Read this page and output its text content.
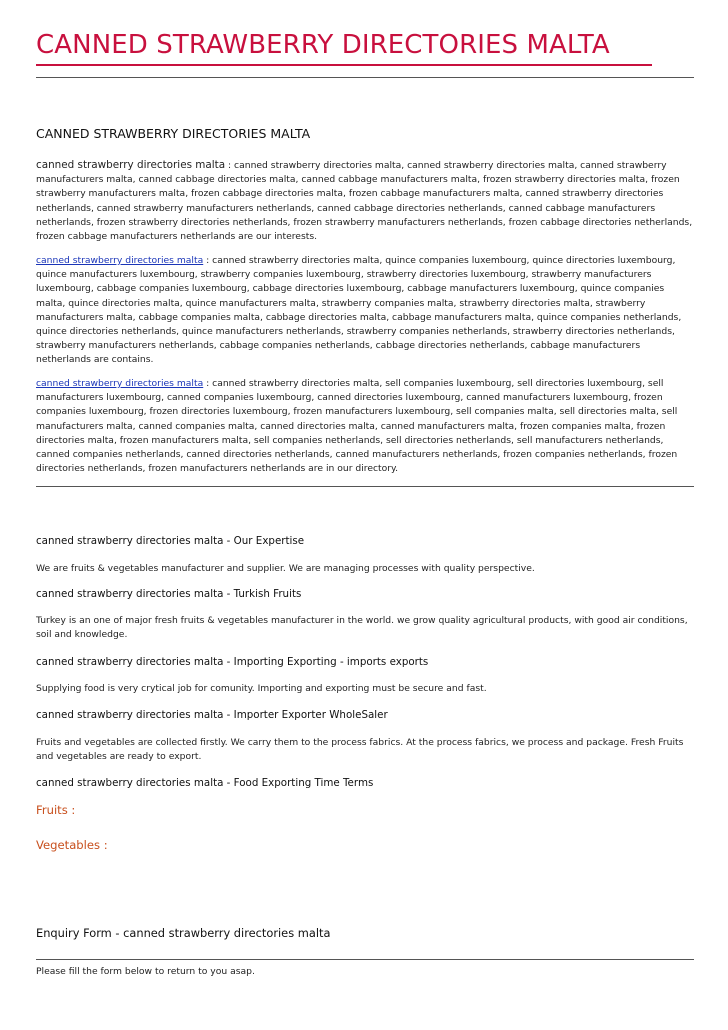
CANNED STRAWBERRY DIRECTORIES MALTA
CANNED STRAWBERRY DIRECTORIES MALTA

canned strawberry directories malta : canned strawberry directories malta, canned strawberry directories malta, canned strawberry manufacturers malta, canned cabbage directories malta, canned cabbage manufacturers malta, frozen strawberry directories malta, frozen strawberry manufacturers malta, frozen cabbage directories malta, frozen cabbage manufacturers malta, canned strawberry directories netherlands, canned strawberry manufacturers netherlands, canned cabbage directories netherlands, canned cabbage manufacturers netherlands, frozen strawberry directories netherlands, frozen strawberry manufacturers netherlands, frozen cabbage directories netherlands, frozen cabbage manufacturers netherlands are our interests.

canned strawberry directories malta : canned strawberry directories malta, quince companies luxembourg, quince directories luxembourg, quince manufacturers luxembourg, strawberry companies luxembourg, strawberry directories luxembourg, strawberry manufacturers luxembourg, cabbage companies luxembourg, cabbage directories luxembourg, cabbage manufacturers luxembourg, quince companies malta, quince directories malta, quince manufacturers malta, strawberry companies malta, strawberry directories malta, strawberry manufacturers malta, cabbage companies malta, cabbage directories malta, cabbage manufacturers malta, quince companies netherlands, quince directories netherlands, quince manufacturers netherlands, strawberry companies netherlands, strawberry directories netherlands, strawberry manufacturers netherlands, cabbage companies netherlands, cabbage directories netherlands, cabbage manufacturers netherlands are contains.

canned strawberry directories malta : canned strawberry directories malta, sell companies luxembourg, sell directories luxembourg, sell manufacturers luxembourg, canned companies luxembourg, canned directories luxembourg, canned manufacturers luxembourg, frozen companies luxembourg, frozen directories luxembourg, frozen manufacturers luxembourg, sell companies malta, sell directories malta, sell manufacturers malta, canned companies malta, canned directories malta, canned manufacturers malta, frozen companies malta, frozen directories malta, frozen manufacturers malta, sell companies netherlands, sell directories netherlands, sell manufacturers netherlands, canned companies netherlands, canned directories netherlands, canned manufacturers netherlands, frozen companies netherlands, frozen directories netherlands, frozen manufacturers netherlands are in our directory.

canned strawberry directories malta - Our Expertise

We are fruits & vegetables manufacturer and supplier. We are managing processes with quality perspective.

canned strawberry directories malta - Turkish Fruits

Turkey is an one of major fresh fruits & vegetables manufacturer in the world. we grow quality agricultural products, with good air conditions, soil and knowledge.

canned strawberry directories malta - Importing Exporting - imports exports

Supplying food is very crytical job for comunity. Importing and exporting must be secure and fast.

canned strawberry directories malta - Importer Exporter WholeSaler

Fruits and vegetables are collected firstly. We carry them to the process fabrics. At the process fabrics, we process and package. Fresh Fruits and vegetables are ready to export.

canned strawberry directories malta - Food Exporting Time Terms
Fruits :
Vegetables :
Enquiry Form - canned strawberry directories malta

Please fill the form below to return to you asap.
